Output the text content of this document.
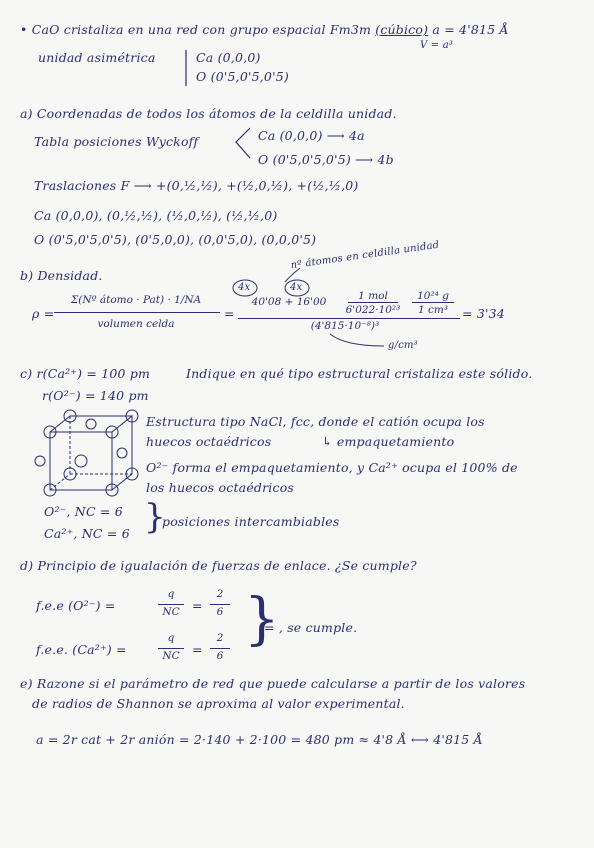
• CaO cristaliza en una red con grupo espacial Fm3m (cúbico) a = 4'815 Å
V = a³
unidad asimétrica	Ca (0,0,0)
O (0'5,0'5,0'5)
a) Coordenadas de todos los átomos de la celdilla unidad.
Tabla posiciones Wyckoff	Ca (0,0,0) ⟶ 4a
O (0'5,0'5,0'5) ⟶ 4b
Traslaciones F ⟶ +(0,½,½), +(½,0,½), +(½,½,0)
Ca (0,0,0), (0,½,½), (½,0,½), (½,½,0)
O (0'5,0'5,0'5), (0'5,0,0), (0,0'5,0), (0,0,0'5)
b) Densidad.
nº átomos en celdilla unidad
ρ =
Σ(Nº átomo · Pat) · 1/NA
volumen celda
=
4x	4x
40'08 + 16'00	1 mol
6'022·10²³
10²⁴ g
1 cm³
(4'815·10⁻⁸)³
= 3'34
g/cm³
c) r(Ca²⁺) = 100 pm	Indique en qué tipo estructural cristaliza este sólido.
r(O²⁻) = 140 pm
Estructura tipo NaCl, fcc, donde el catión ocupa los
huecos octaédricos	↳ empaquetamiento
O²⁻ forma el empaquetamiento, y Ca²⁺ ocupa el 100% de
los huecos octaédricos
O²⁻, NC = 6
Ca²⁺, NC = 6 }
posiciones intercambiables
d) Principio de igualación de fuerzas de enlace. ¿Se cumple?
f.e.e (O²⁻) =
q
NC =
2
6
f.e.e. (Ca²⁺) =
q
NC =
2
6
}
= , se cumple.
e) Razone si el parámetro de red que puede calcularse a partir de los valores
de radios de Shannon se aproxima al valor experimental.
a = 2r cat + 2r anión = 2·140 + 2·100 = 480 pm ≈ 4'8 Å ⟷ 4'815 Å
